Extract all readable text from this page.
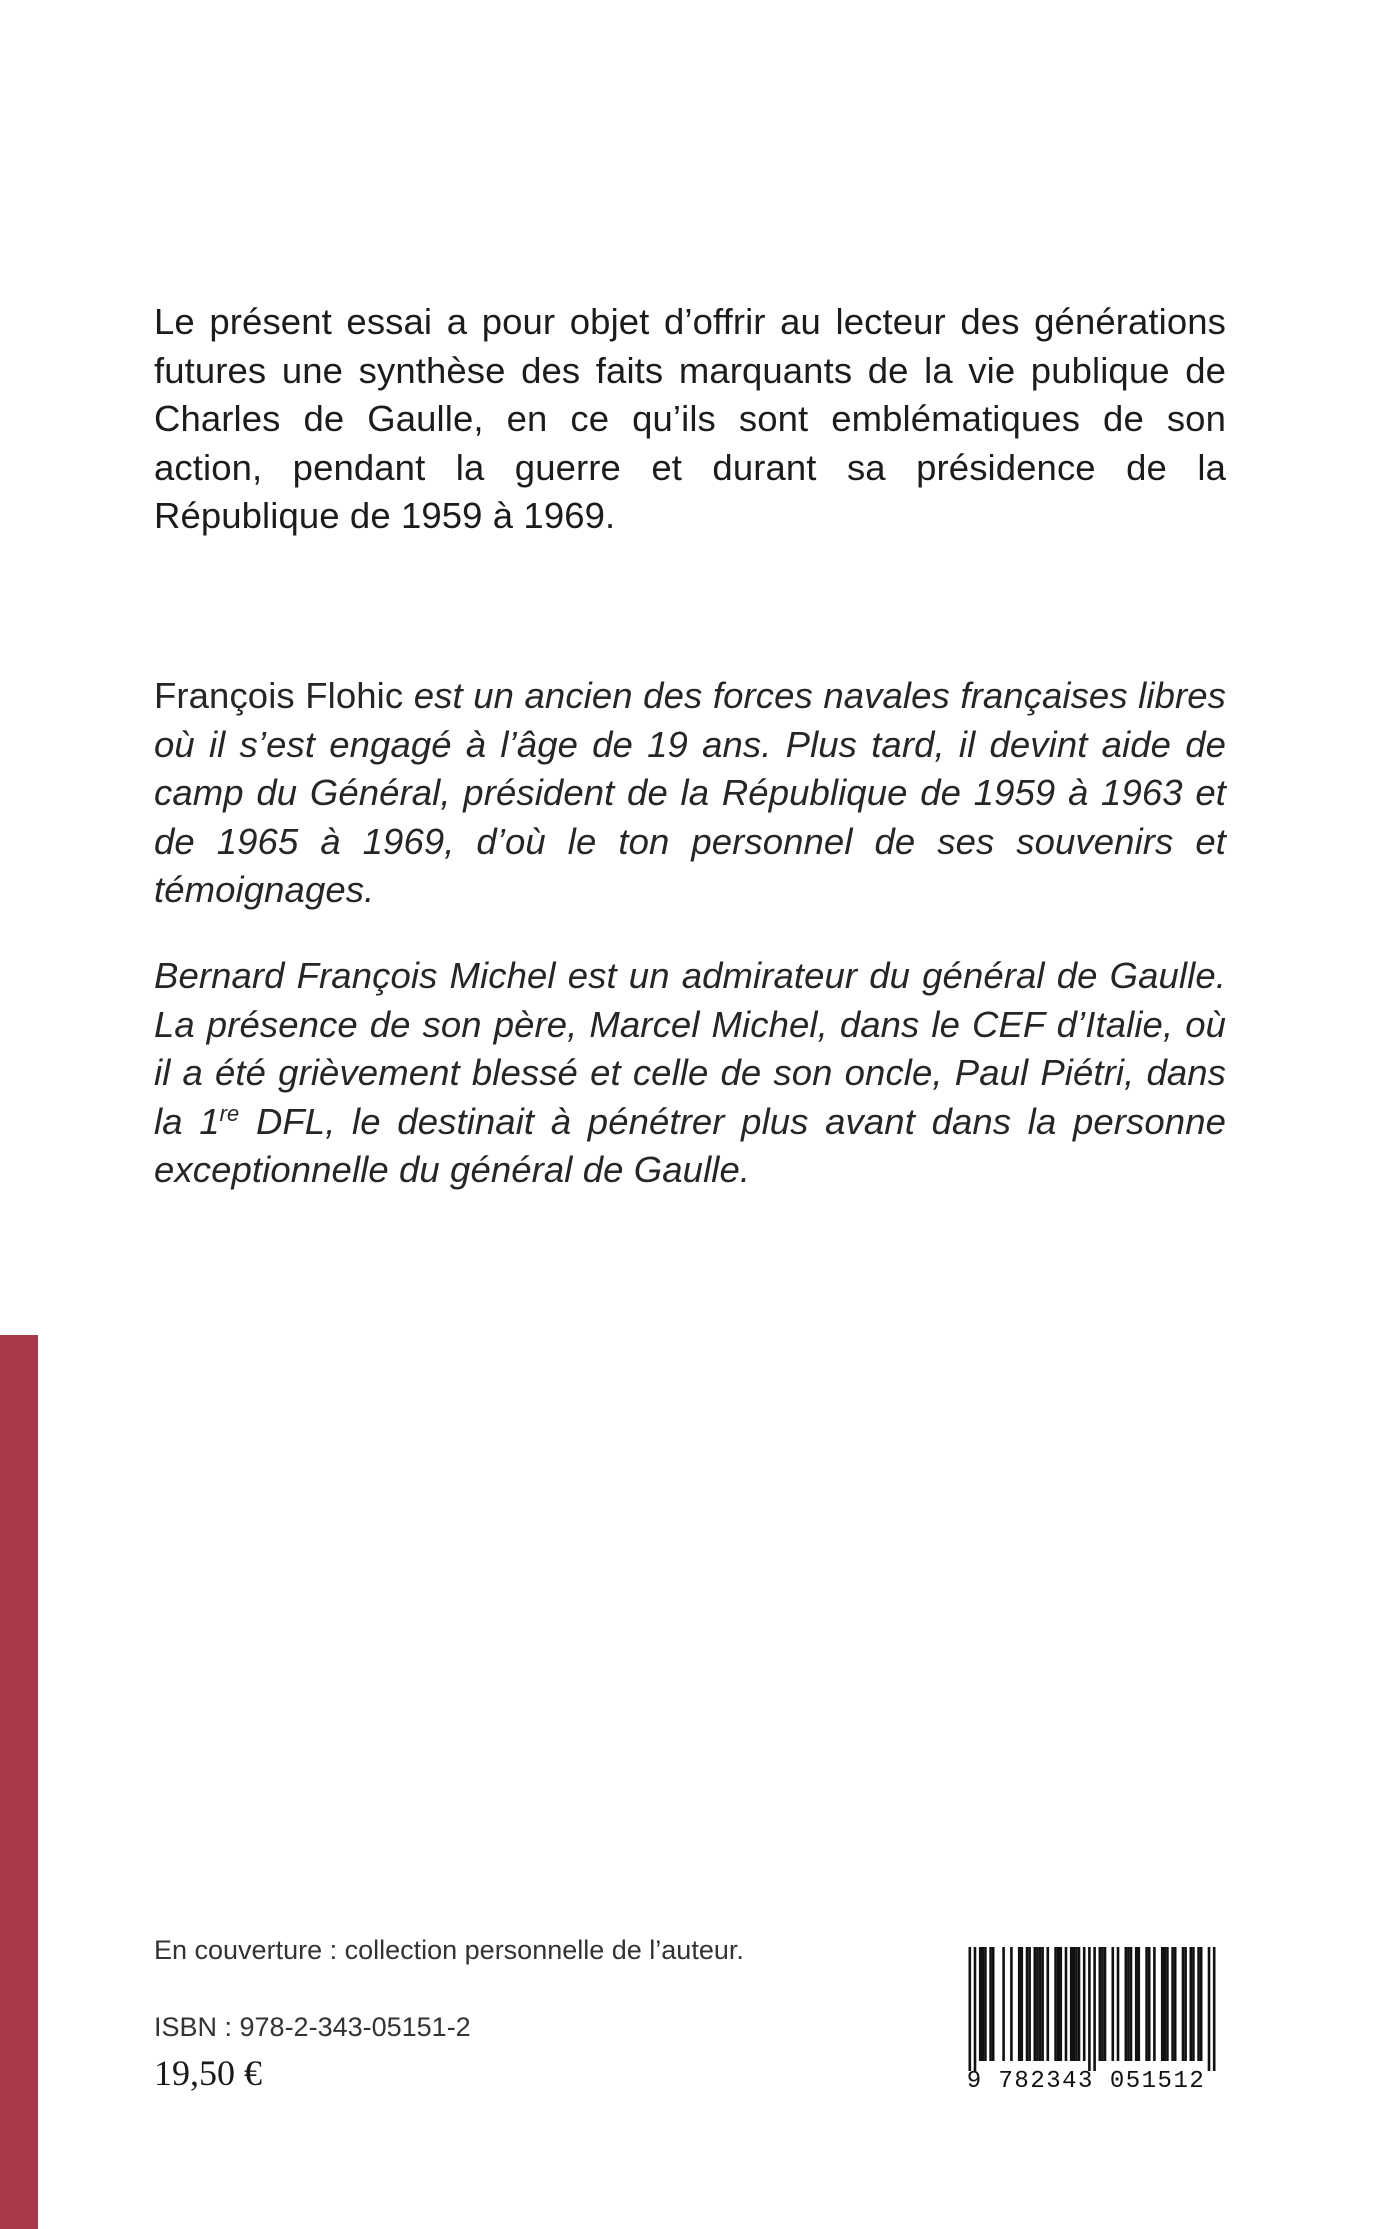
Le présent essai a pour objet d’offrir au lecteur des générations futures une synthèse des faits marquants de la vie publique de Charles de Gaulle, en ce qu’ils sont emblématiques de son action, pendant la guerre et durant sa présidence de la République de 1959 à 1969.
François Flohic est un ancien des forces navales françaises libres où il s’est engagé à l’âge de 19 ans. Plus tard, il devint aide de camp du Général, président de la République de 1959 à 1963 et de 1965 à 1969, d’où le ton personnel de ses souvenirs et témoignages.
Bernard François Michel est un admirateur du général de Gaulle. La présence de son père, Marcel Michel, dans le CEF d’Italie, où il a été grièvement blessé et celle de son oncle, Paul Piétri, dans la 1re DFL, le destinait à pénétrer plus avant dans la personne exceptionnelle du général de Gaulle.
En couverture : collection personnelle de l’auteur.
ISBN : 978-2-343-05151-2
19,50 €	9 782343 051512
